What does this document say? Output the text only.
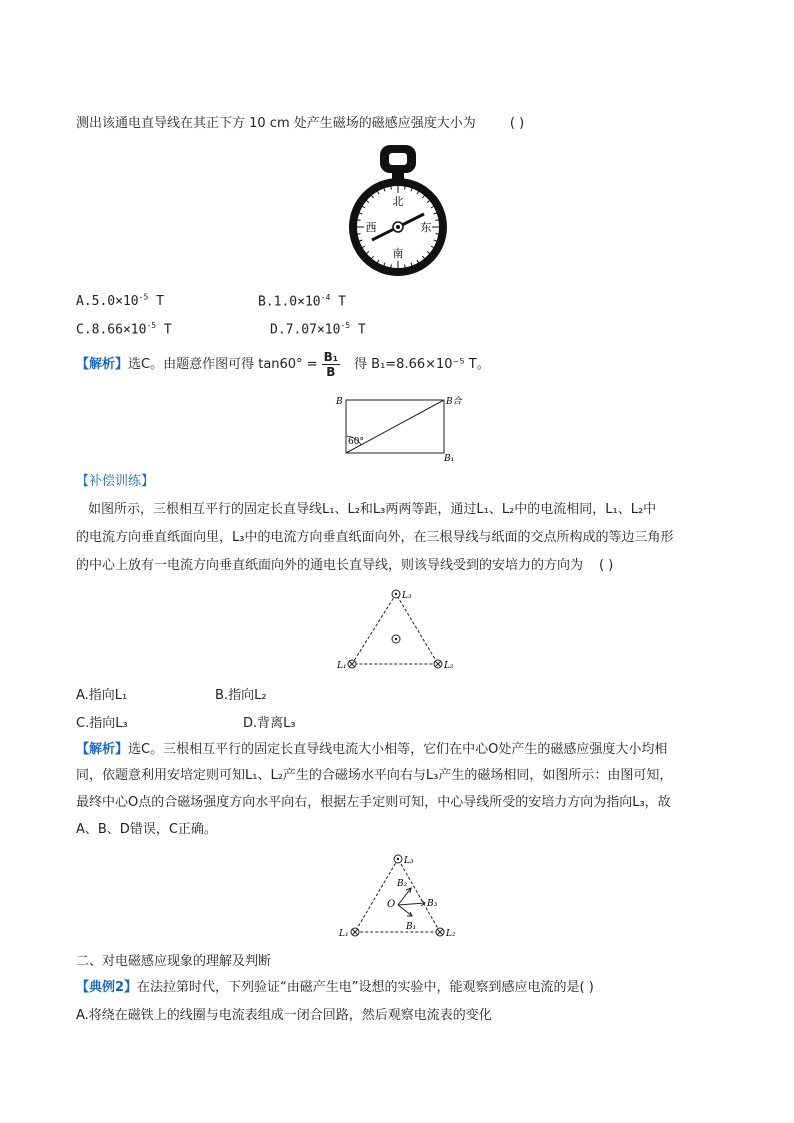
测出该通电直导线在其正下方 10 cm 处产生磁场的磁感应强度大小为	( )
北
南
西	东
$A.5.0\times 10^{-5}$ T	$B.1.0\times 10^{-4}$ T
$C.8.66\times 10^{-5}$ T	$D.7.07\times 10^{-5}$ T
【解析】选C。由题意作图可得 $\tan 60^\circ = \frac{\text{B₁}}{B}$ 得 B₁=8.66×10⁻⁵ T。
B	B合
B₁
60°
【补偿训练】
如图所示，三根相互平行的固定长直导线L₁、L₂和L₃两两等距，通过L₁、L₂中的电流相同，L₁、L₂中
的电流方向垂直纸面向里，L₃中的电流方向垂直纸面向外，在三根导线与纸面的交点所构成的等边三角形
的中心上放有一电流方向垂直纸面向外的通电长直导线，则该导线受到的安培力的方向为 ( )
L₃
L₁	L₂
A.指向L₁	B.指向L₂
C.指向L₃	D.背离L₃
【解析】选C。三根相互平行的固定长直导线电流大小相等，它们在中心O处产生的磁感应强度大小均相
同，依题意利用安培定则可知L₁、L₂产生的合磁场水平向右与L₃产生的磁场相同，如图所示：由图可知，
最终中心O点的合磁场强度方向水平向右，根据左手定则可知，中心导线所受的安培力方向为指向L₃，故
A、B、D错误，C正确。
L₃
L₁	L₂
O
B₂
B₃
B₁
二、对电磁感应现象的理解及判断
【典例2】在法拉第时代，下列验证“由磁产生电”设想的实验中，能观察到感应电流的是( )
A.将绕在磁铁上的线圈与电流表组成一闭合回路，然后观察电流表的变化
